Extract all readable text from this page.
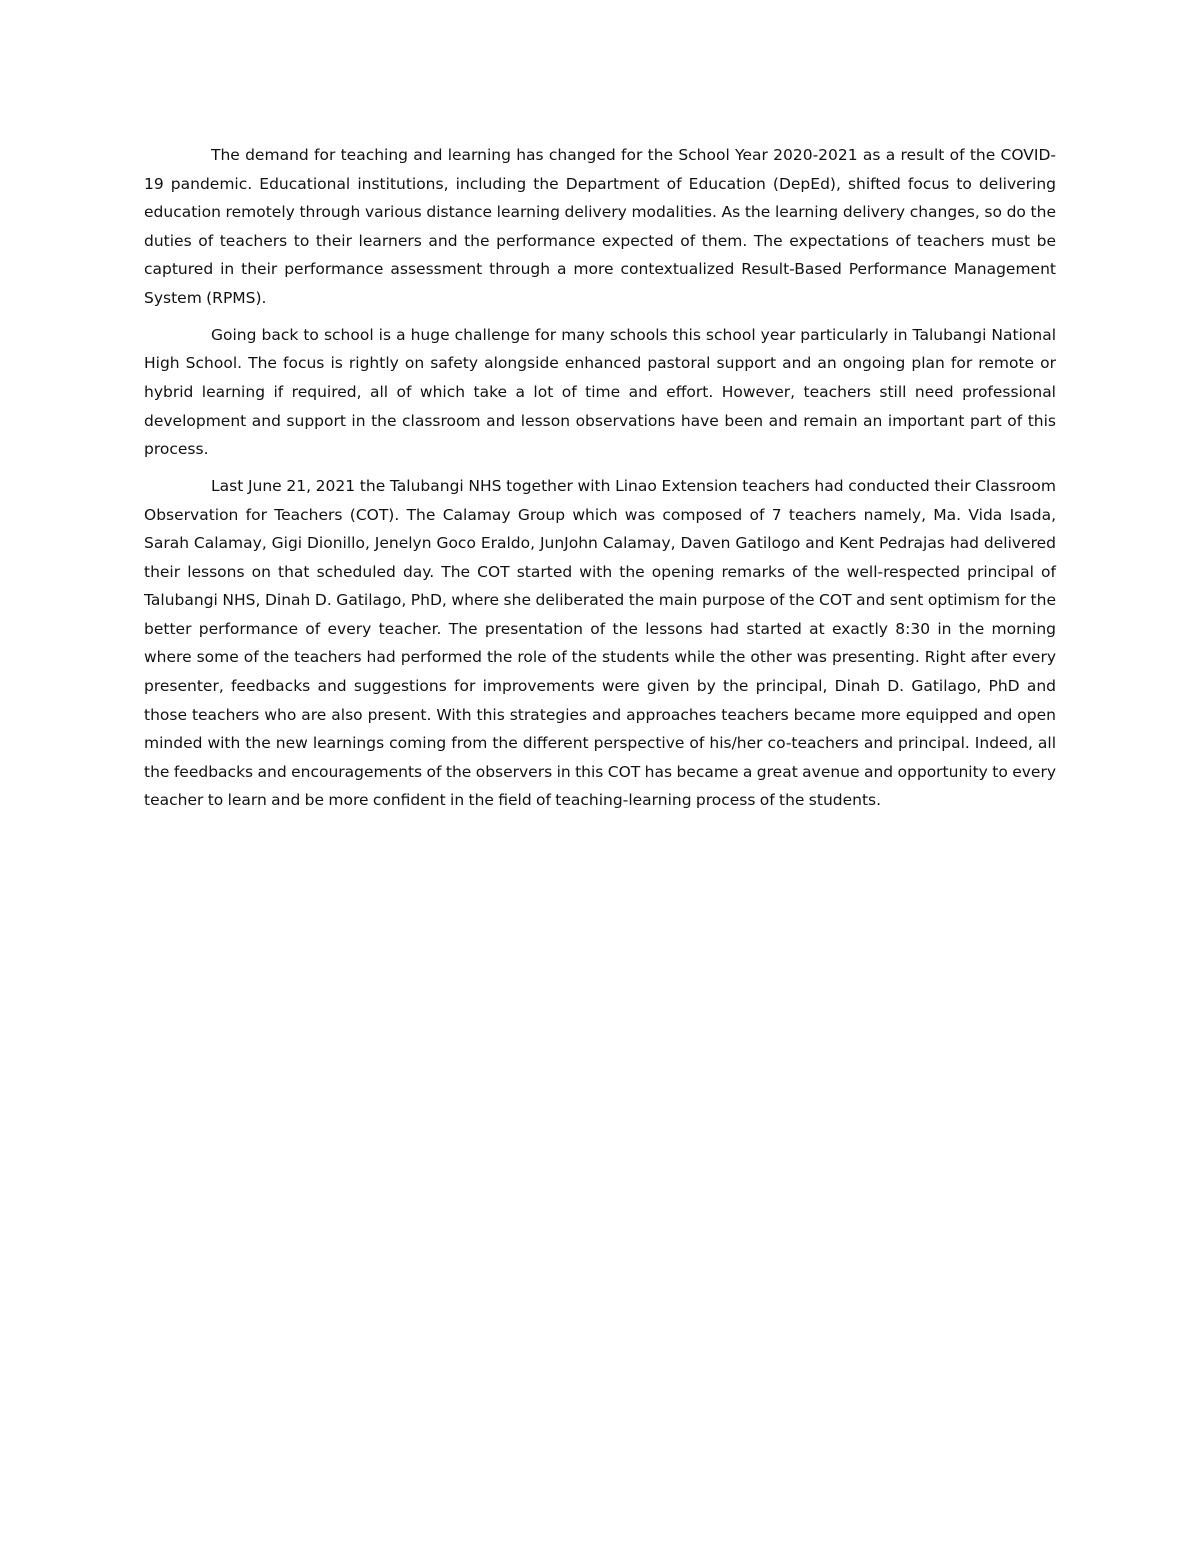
The demand for teaching and learning has changed for the School Year 2020-2021 as a result of the COVID-19 pandemic. Educational institutions, including the Department of Education (DepEd), shifted focus to delivering education remotely through various distance learning delivery modalities. As the learning delivery changes, so do the duties of teachers to their learners and the performance expected of them. The expectations of teachers must be captured in their performance assessment through a more contextualized Result-Based Performance Management System (RPMS).

Going back to school is a huge challenge for many schools this school year particularly in Talubangi National High School. The focus is rightly on safety alongside enhanced pastoral support and an ongoing plan for remote or hybrid learning if required, all of which take a lot of time and effort. However, teachers still need professional development and support in the classroom and lesson observations have been and remain an important part of this process.

Last June 21, 2021 the Talubangi NHS together with Linao Extension teachers had conducted their Classroom Observation for Teachers (COT). The Calamay Group which was composed of 7 teachers namely, Ma. Vida Isada, Sarah Calamay, Gigi Dionillo, Jenelyn Goco Eraldo, JunJohn Calamay, Daven Gatilogo and Kent Pedrajas had delivered their lessons on that scheduled day. The COT started with the opening remarks of the well-respected principal of Talubangi NHS, Dinah D. Gatilago, PhD, where she deliberated the main purpose of the COT and sent optimism for the better performance of every teacher. The presentation of the lessons had started at exactly 8:30 in the morning where some of the teachers had performed the role of the students while the other was presenting. Right after every presenter, feedbacks and suggestions for improvements were given by the principal, Dinah D. Gatilago, PhD and those teachers who are also present. With this strategies and approaches teachers became more equipped and open minded with the new learnings coming from the different perspective of his/her co-teachers and principal. Indeed, all the feedbacks and encouragements of the observers in this COT has became a great avenue and opportunity to every teacher to learn and be more confident in the field of teaching-learning process of the students.
